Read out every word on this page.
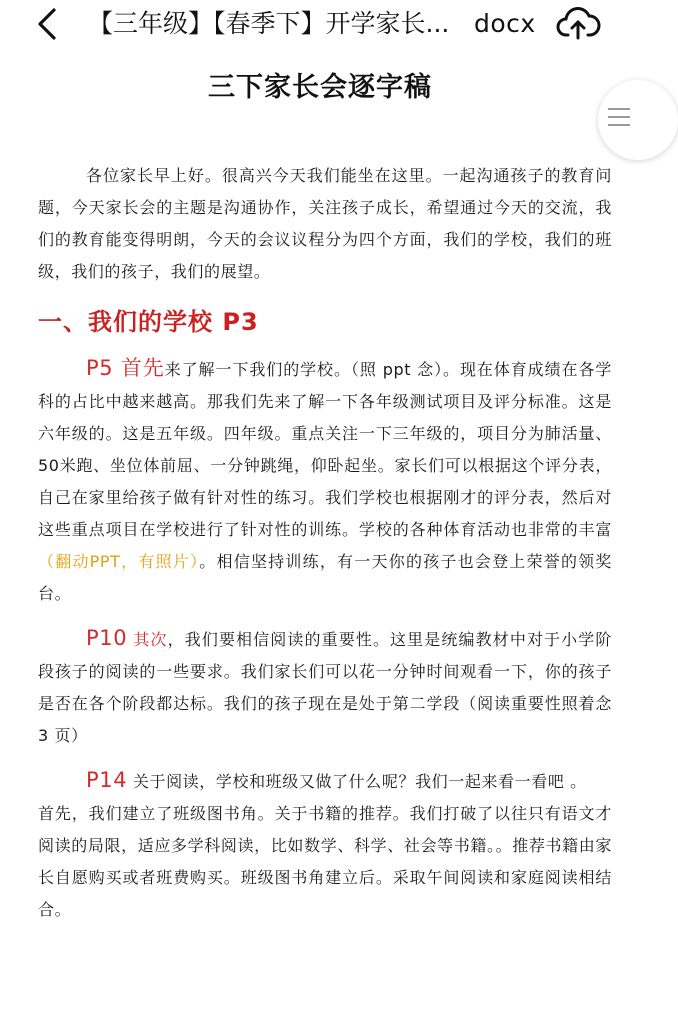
【三年级】【春季下】开学家长... docx
三下家长会逐字稿

各位家长早上好。很高兴今天我们能坐在这里。一起沟通孩子的教育问题，今天家长会的主题是沟通协作，关注孩子成长，希望通过今天的交流，我们的教育能变得明朗，今天的会议议程分为四个方面，我们的学校，我们的班级，我们的孩子，我们的展望。

一、我们的学校 P3

P5 首先来了解一下我们的学校。（照 ppt 念）。现在体育成绩在各学科的占比中越来越高。那我们先来了解一下各年级测试项目及评分标准。这是六年级的。这是五年级。四年级。重点关注一下三年级的，项目分为肺活量、50米跑、坐位体前屈、一分钟跳绳，仰卧起坐。家长们可以根据这个评分表，自己在家里给孩子做有针对性的练习。我们学校也根据刚才的评分表，然后对这些重点项目在学校进行了针对性的训练。学校的各种体育活动也非常的丰富（翻动PPT，有照片）。相信坚持训练，有一天你的孩子也会登上荣誉的领奖台。

P10 其次，我们要相信阅读的重要性。这里是统编教材中对于小学阶段孩子的阅读的一些要求。我们家长们可以花一分钟时间观看一下，你的孩子是否在各个阶段都达标。我们的孩子现在是处于第二学段（阅读重要性照着念 3 页）

P14 关于阅读，学校和班级又做了什么呢？我们一起来看一看吧 。

首先，我们建立了班级图书角。关于书籍的推荐。我们打破了以往只有语文才阅读的局限，适应多学科阅读，比如数学、科学、社会等书籍。。推荐书籍由家长自愿购买或者班费购买。班级图书角建立后。采取午间阅读和家庭阅读相结合。
